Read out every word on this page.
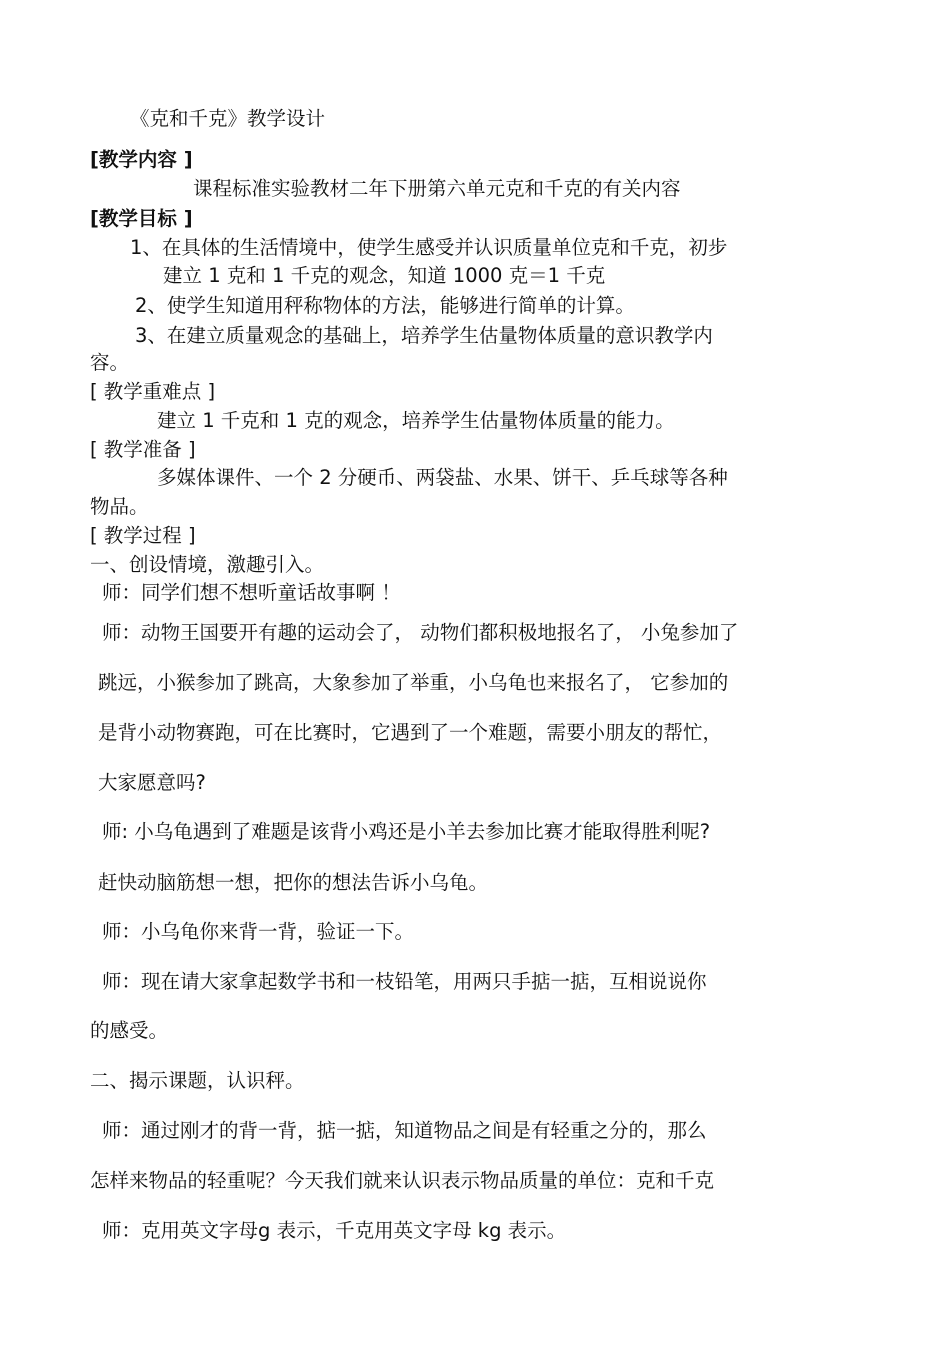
《克和千克》教学设计

[教学内容 ]

课程标准实验教材二年下册第六单元克和千克的有关内容

[教学目标 ]

1、在具体的生活情境中，使学生感受并认识质量单位克和千克，初步

建立 1 克和 1 千克的观念，知道 1000 克＝1 千克

2、使学生知道用秤称物体的方法，能够进行简单的计算。

3、在建立质量观念的基础上，培养学生估量物体质量的意识教学内

容。

[ 教学重难点 ]

建立 1 千克和 1 克的观念，培养学生估量物体质量的能力。

[ 教学准备 ]

多媒体课件、一个 2 分硬币、两袋盐、水果、饼干、乒乓球等各种

物品。

[ 教学过程 ]

一、创设情境，激趣引入。

师：同学们想不想听童话故事啊 ！

师：动物王国要开有趣的运动会了， 动物们都积极地报名了， 小兔参加了

跳远，小猴参加了跳高，大象参加了举重，小乌龟也来报名了， 它参加的

是背小动物赛跑，可在比赛时，它遇到了一个难题，需要小朋友的帮忙，

大家愿意吗?

师: 小乌龟遇到了难题是该背小鸡还是小羊去参加比赛才能取得胜利呢?

赶快动脑筋想一想，把你的想法告诉小乌龟。

师：小乌龟你来背一背，验证一下。

师：现在请大家拿起数学书和一枝铅笔，用两只手掂一掂，互相说说你

的感受。

二、揭示课题，认识秤。

师：通过刚才的背一背，掂一掂，知道物品之间是有轻重之分的，那么

怎样来物品的轻重呢？今天我们就来认识表示物品质量的单位：克和千克

师：克用英文字母g 表示，千克用英文字母 kg 表示。
